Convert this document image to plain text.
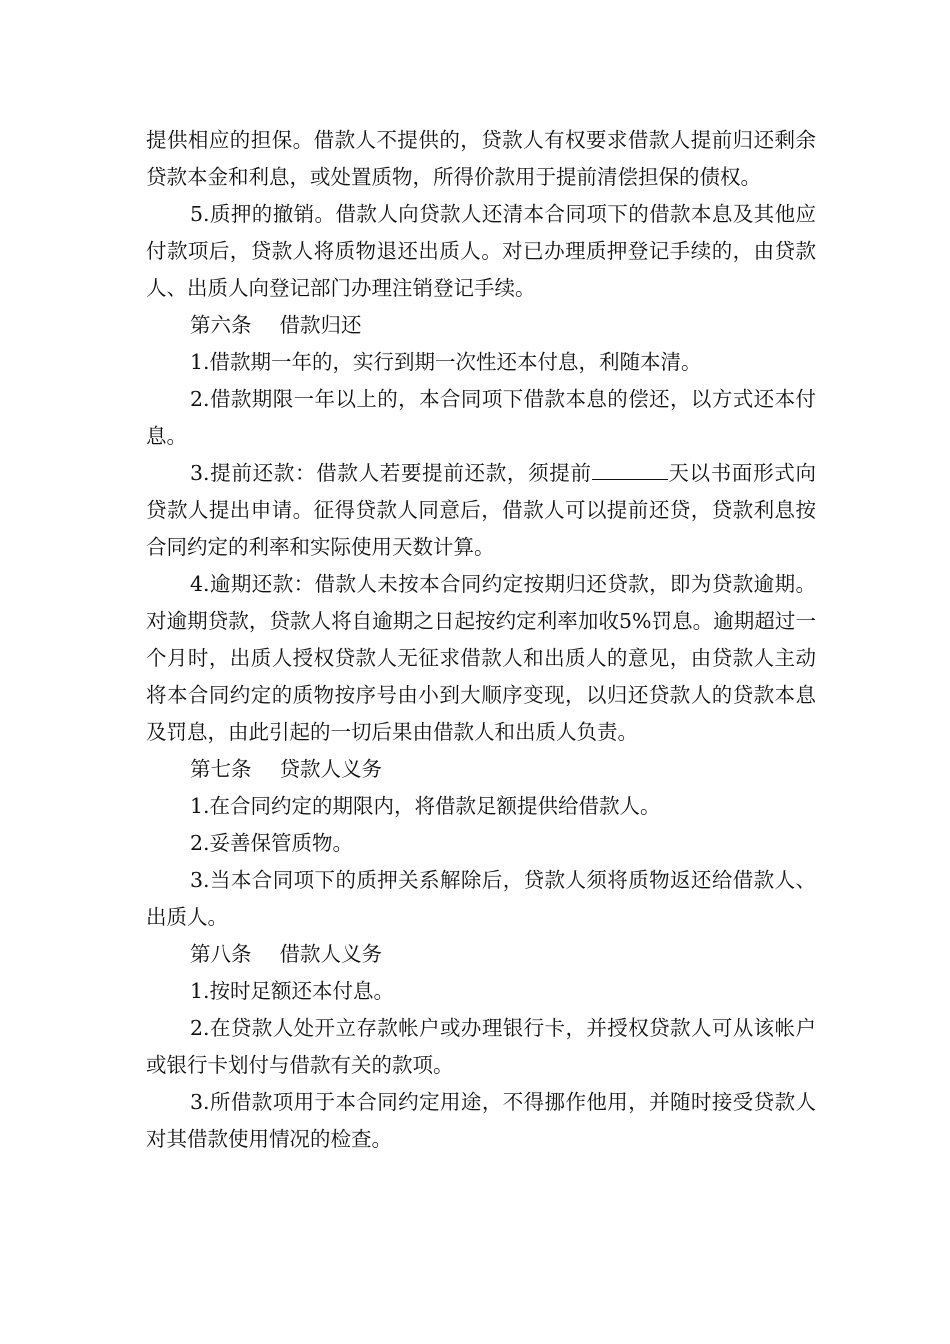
提供相应的担保。借款人不提供的，贷款人有权要求借款人提前归还剩余贷款本金和利息，或处置质物，所得价款用于提前清偿担保的债权。

5.质押的撤销。借款人向贷款人还清本合同项下的借款本息及其他应付款项后，贷款人将质物退还出质人。对已办理质押登记手续的，由贷款人、出质人向登记部门办理注销登记手续。

第六条 借款归还

1.借款期一年的，实行到期一次性还本付息，利随本清。

2.借款期限一年以上的，本合同项下借款本息的偿还，以方式还本付息。

3.提前还款：借款人若要提前还款，须提前	天以书面形式向贷款人提出申请。征得贷款人同意后，借款人可以提前还贷，贷款利息按合同约定的利率和实际使用天数计算。

4.逾期还款：借款人未按本合同约定按期归还贷款，即为贷款逾期。对逾期贷款，贷款人将自逾期之日起按约定利率加收5%罚息。逾期超过一个月时，出质人授权贷款人无征求借款人和出质人的意见，由贷款人主动将本合同约定的质物按序号由小到大顺序变现，以归还贷款人的贷款本息及罚息，由此引起的一切后果由借款人和出质人负责。

第七条 贷款人义务

1.在合同约定的期限内，将借款足额提供给借款人。

2.妥善保管质物。

3.当本合同项下的质押关系解除后，贷款人须将质物返还给借款人、出质人。

第八条 借款人义务

1.按时足额还本付息。

2.在贷款人处开立存款帐户或办理银行卡，并授权贷款人可从该帐户或银行卡划付与借款有关的款项。

3.所借款项用于本合同约定用途，不得挪作他用，并随时接受贷款人对其借款使用情况的检查。
